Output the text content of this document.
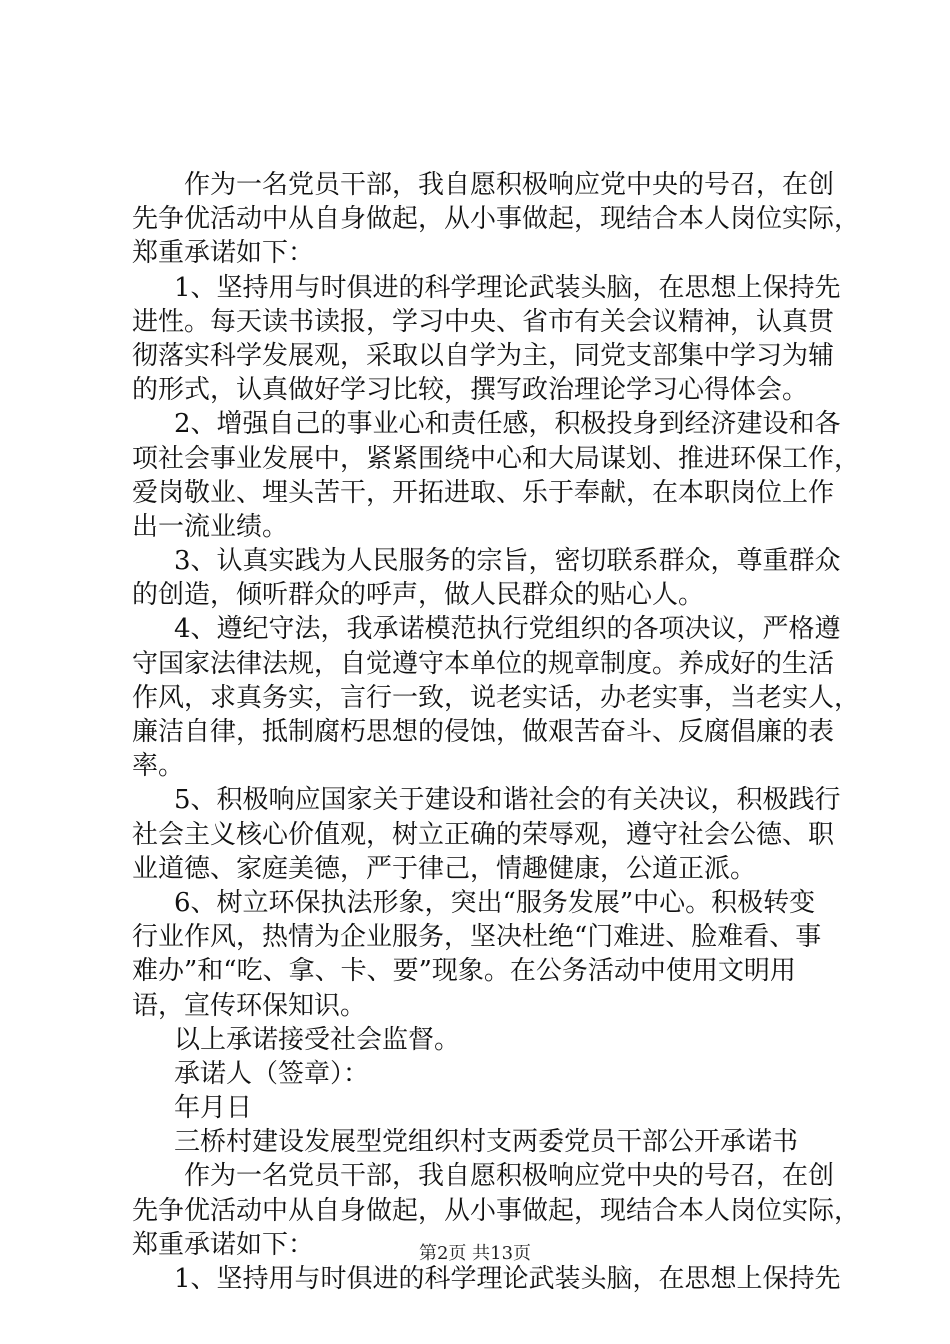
作为一名党员干部，我自愿积极响应党中央的号召，在创
先争优活动中从自身做起，从小事做起，现结合本人岗位实际，
郑重承诺如下：
1、坚持用与时俱进的科学理论武装头脑，在思想上保持先
进性。每天读书读报，学习中央、省市有关会议精神，认真贯
彻落实科学发展观，采取以自学为主，同党支部集中学习为辅
的形式，认真做好学习比较，撰写政治理论学习心得体会。
2、增强自己的事业心和责任感，积极投身到经济建设和各
项社会事业发展中，紧紧围绕中心和大局谋划、推进环保工作，
爱岗敬业、埋头苦干，开拓进取、乐于奉献，在本职岗位上作
出一流业绩。
3、认真实践为人民服务的宗旨，密切联系群众，尊重群众
的创造，倾听群众的呼声，做人民群众的贴心人。
4、遵纪守法，我承诺模范执行党组织的各项决议，严格遵
守国家法律法规，自觉遵守本单位的规章制度。养成好的生活
作风，求真务实，言行一致，说老实话，办老实事，当老实人，
廉洁自律，抵制腐朽思想的侵蚀，做艰苦奋斗、反腐倡廉的表
率。
5、积极响应国家关于建设和谐社会的有关决议，积极践行
社会主义核心价值观，树立正确的荣辱观，遵守社会公德、职
业道德、家庭美德，严于律己，情趣健康，公道正派。
6、树立环保执法形象，突出“服务发展”中心。积极转变
行业作风，热情为企业服务，坚决杜绝“门难进、脸难看、事
难办”和“吃、拿、卡、要”现象。在公务活动中使用文明用
语，宣传环保知识。
以上承诺接受社会监督。
承诺人（签章）：
年月日
三桥村建设发展型党组织村支两委党员干部公开承诺书
作为一名党员干部，我自愿积极响应党中央的号召，在创
先争优活动中从自身做起，从小事做起，现结合本人岗位实际，
郑重承诺如下：
1、坚持用与时俱进的科学理论武装头脑，在思想上保持先
第2页 共13页
